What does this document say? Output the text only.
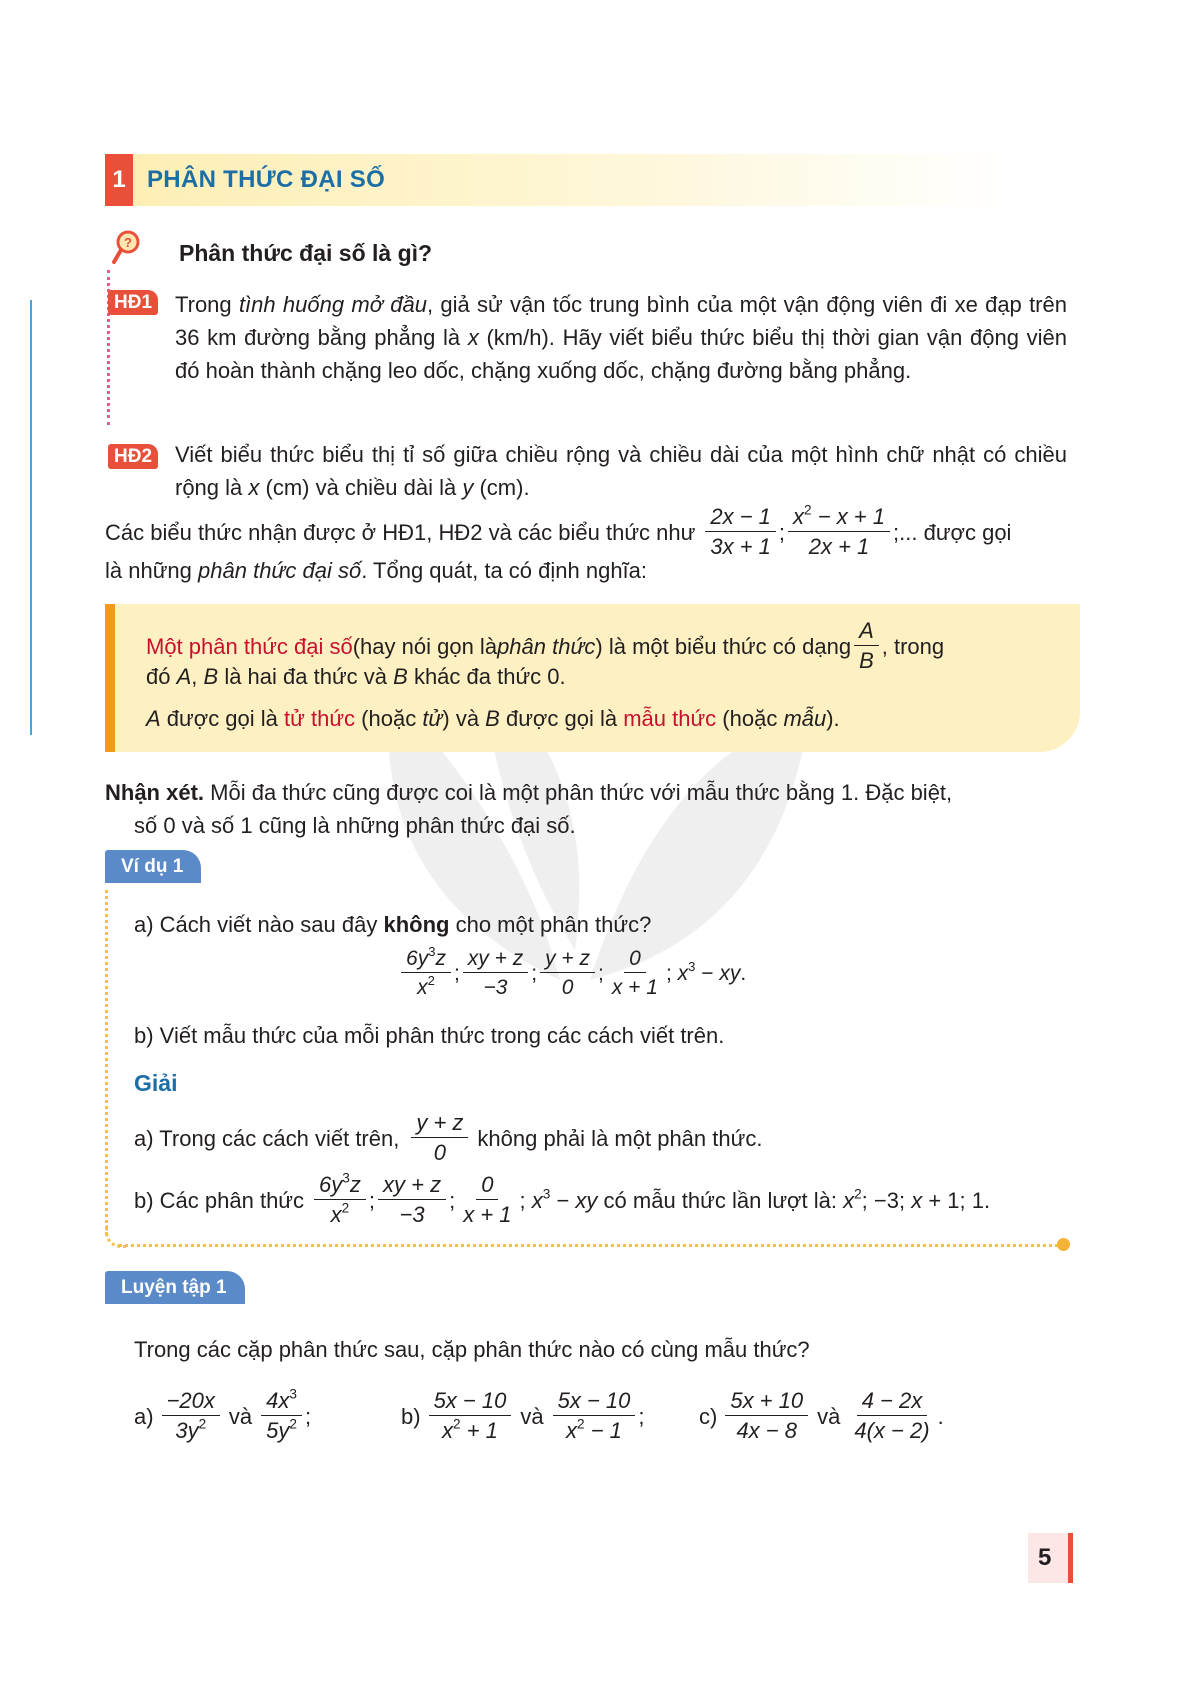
1 PHÂN THỨC ĐẠI SỐ
? Phân thức đại số là gì?
HĐ1 Trong tình huống mở đầu, giả sử vận tốc trung bình của một vận động viên đi xe đạp trên 36 km đường bằng phẳng là x (km/h). Hãy viết biểu thức biểu thị thời gian vận động viên đó hoàn thành chặng leo dốc, chặng xuống dốc, chặng đường bằng phẳng.
HĐ2 Viết biểu thức biểu thị tỉ số giữa chiều rộng và chiều dài của một hình chữ nhật có chiều rộng là x (cm) và chiều dài là y (cm).
Các biểu thức nhận được ở HĐ1, HĐ2 và các biểu thức như $\frac{2x - 1}{3x + 1}$ ; $\frac{x^2 - x + 1}{2x + 1}$ ;... được gọi
là những phân thức đại số. Tổng quát, ta có định nghĩa:
Một phân thức đại số (hay nói gọn là phân thức ) là một biểu thức có dạng $\frac{A}{B}$ , trong
đó A, B là hai đa thức và B khác đa thức 0.
A được gọi là tử thức (hoặc tử) và B được gọi là mẫu thức (hoặc mẫu).
Nhận xét. Mỗi đa thức cũng được coi là một phân thức với mẫu thức bằng 1. Đặc biệt,
số 0 và số 1 cũng là những phân thức đại số.
Ví dụ 1
a) Cách viết nào sau đây không cho một phân thức?
$\frac{6y^3z}{x^2}$ ; $\frac{xy + z}{-3}$ ; $\frac{y + z}{0}$ ; $\frac{0}{x + 1}$ ; $x^3$ − xy.
b) Viết mẫu thức của mỗi phân thức trong các cách viết trên.
Giải
a) Trong các cách viết trên, $\frac{y + z}{0}$ không phải là một phân thức.
b) Các phân thức $\frac{6y^3z}{x^2}$ ; $\frac{xy + z}{-3}$ ; $\frac{0}{x + 1}$ ; $x^3$ − xy có mẫu thức lần lượt là: $x^2$ ; −3; x + 1 ; 1.
Luyện tập 1
Trong các cặp phân thức sau, cặp phân thức nào có cùng mẫu thức?
$a) \frac{-20x}{3y^2}$ và $\frac{4x^3}{5y^2}$ ;	$b) \frac{5x - 10}{x^2 + 1}$ và $\frac{5x - 10}{x^2 - 1}$ ; $c) \frac{5x + 10}{4x - 8}$ và $\frac{4 - 2x}{4(x - 2)}$ .
5
